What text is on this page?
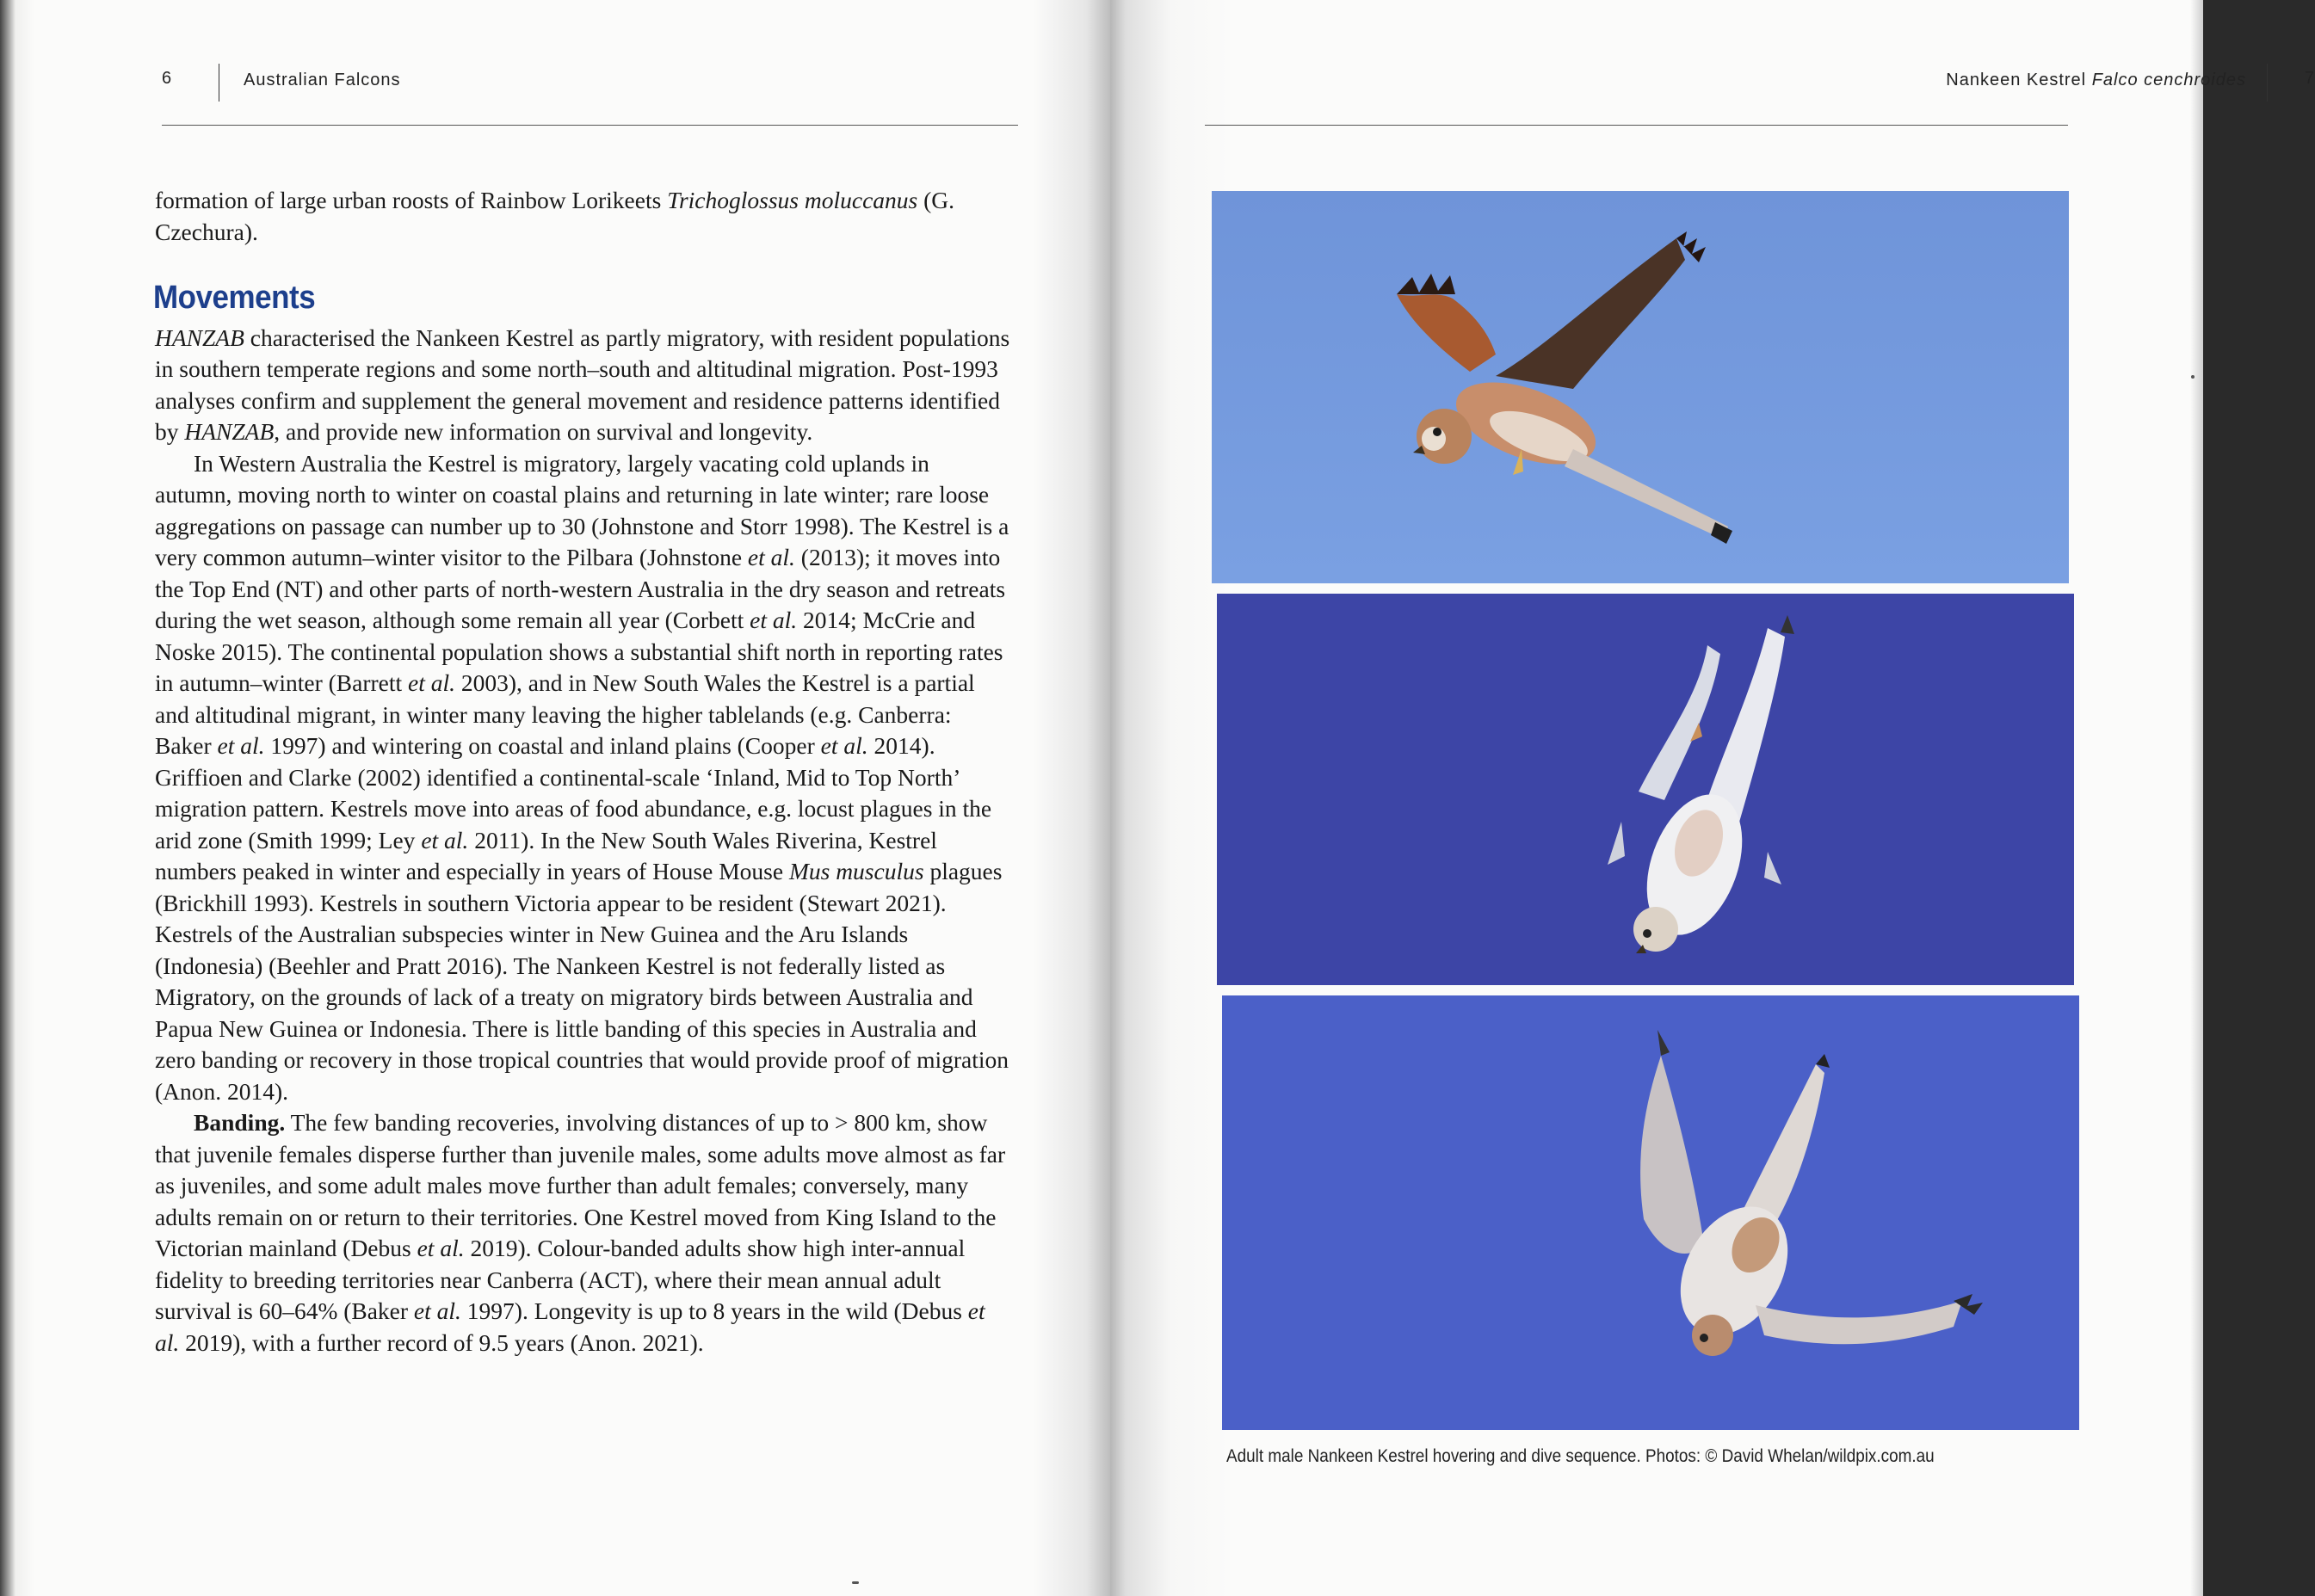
6	Australian Falcons

formation of large urban roosts of Rainbow Lorikeets Trichoglossus moluccanus (G. Czechura).

Movements

HANZAB characterised the Nankeen Kestrel as partly migratory, with resident populations in southern temperate regions and some north–south and altitudinal migration. Post-1993 analyses confirm and supplement the general movement and residence patterns identified by HANZAB, and provide new information on survival and longevity.

In Western Australia the Kestrel is migratory, largely vacating cold uplands in autumn, moving north to winter on coastal plains and returning in late winter; rare loose aggregations on passage can number up to 30 (Johnstone and Storr 1998). The Kestrel is a very common autumn–winter visitor to the Pilbara (Johnstone et al. (2013); it moves into the Top End (NT) and other parts of north-western Australia in the dry season and retreats during the wet season, although some remain all year (Corbett et al. 2014; McCrie and Noske 2015). The continental population shows a substantial shift north in reporting rates in autumn–winter (Barrett et al. 2003), and in New South Wales the Kestrel is a partial and altitudinal migrant, in winter many leaving the higher tablelands (e.g. Canberra: Baker et al. 1997) and wintering on coastal and inland plains (Cooper et al. 2014). Griffioen and Clarke (2002) identified a continental-scale ‘Inland, Mid to Top North’ migration pattern. Kestrels move into areas of food abundance, e.g. locust plagues in the arid zone (Smith 1999; Ley et al. 2011). In the New South Wales Riverina, Kestrel numbers peaked in winter and especially in years of House Mouse Mus musculus plagues (Brickhill 1993). Kestrels in southern Victoria appear to be resident (Stewart 2021). Kestrels of the Australian subspecies winter in New Guinea and the Aru Islands (Indonesia) (Beehler and Pratt 2016). The Nankeen Kestrel is not federally listed as Migratory, on the grounds of lack of a treaty on migratory birds between Australia and Papua New Guinea or Indonesia. There is little banding of this species in Australia and zero banding or recovery in those tropical countries that would provide proof of migration (Anon. 2014).

Banding. The few banding recoveries, involving distances of up to > 800 km, show that juvenile females disperse further than juvenile males, some adults move almost as far as juveniles, and some adult males move further than adult females; conversely, many adults remain on or return to their territories. One Kestrel moved from King Island to the Victorian mainland (Debus et al. 2019). Colour-banded adults show high inter-annual fidelity to breeding territories near Canberra (ACT), where their mean annual adult survival is 60–64% (Baker et al. 1997). Longevity is up to 8 years in the wild (Debus et al. 2019), with a further record of 9.5 years (Anon. 2021).

Nankeen Kestrel Falco cenchroides	7
Adult male Nankeen Kestrel hovering and dive sequence. Photos: © David Whelan/wildpix.com.au
